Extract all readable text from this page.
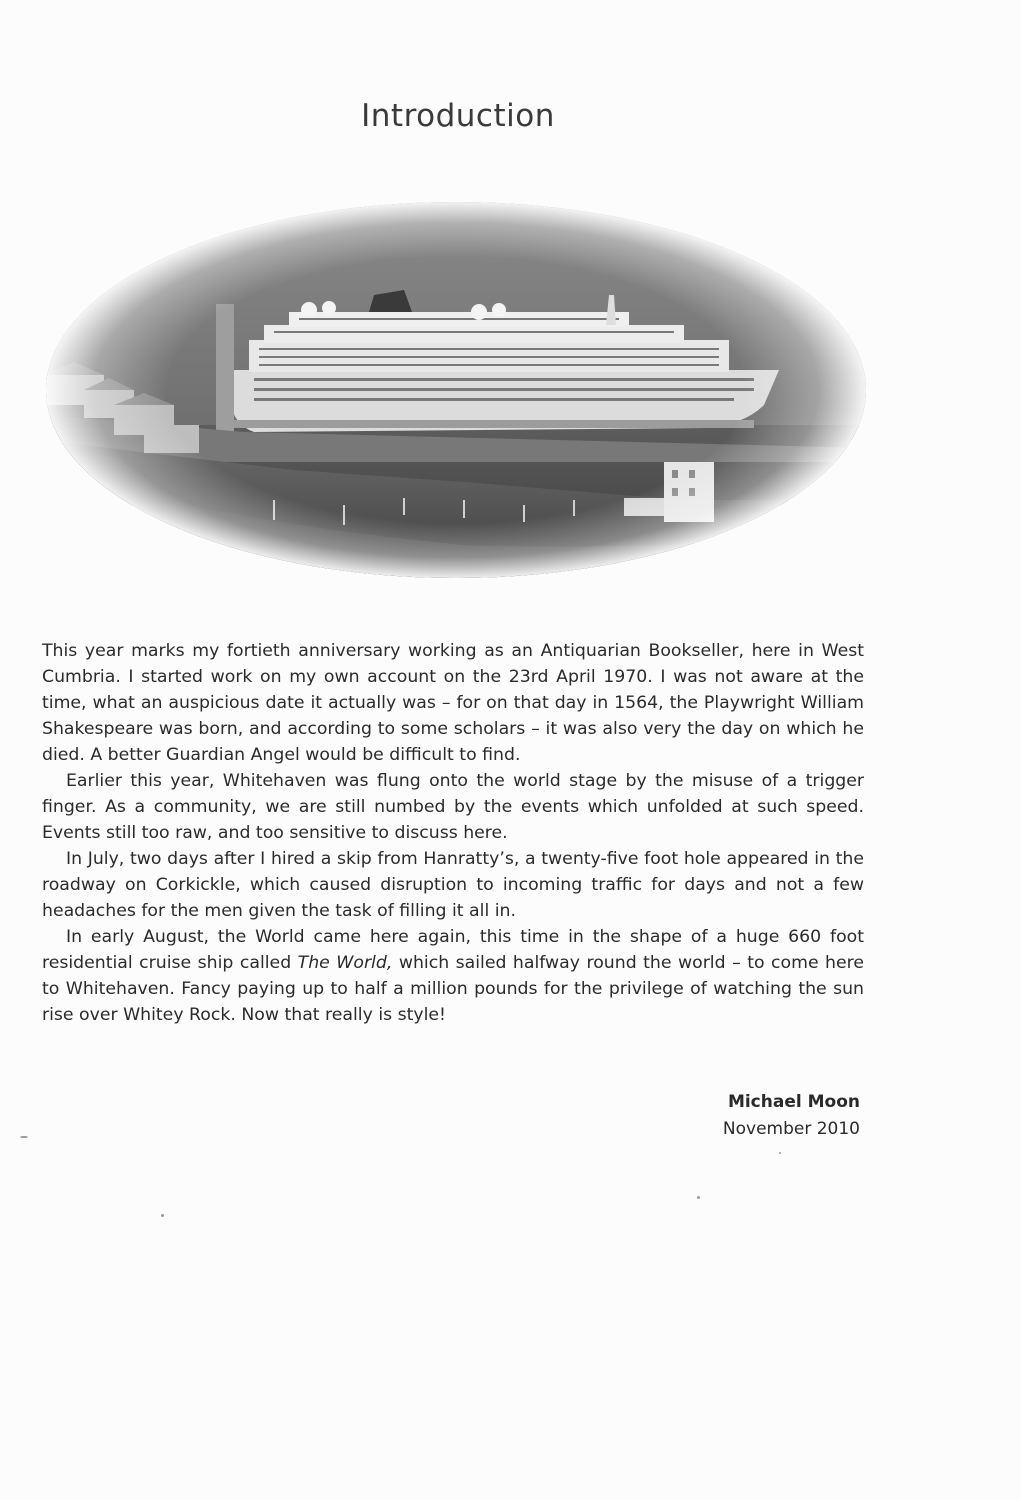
Introduction

This year marks my fortieth anniversary working as an Antiquarian Bookseller, here in West Cumbria. I started work on my own account on the 23rd April 1970. I was not aware at the time, what an auspicious date it actually was – for on that day in 1564, the Playwright William Shakespeare was born, and according to some scholars – it was also very the day on which he died. A better Guardian Angel would be difficult to find.

Earlier this year, Whitehaven was flung onto the world stage by the misuse of a trigger finger. As a community, we are still numbed by the events which unfolded at such speed. Events still too raw, and too sensitive to discuss here.

In July, two days after I hired a skip from Hanratty’s, a twenty-five foot hole appeared in the roadway on Corkickle, which caused disruption to incoming traffic for days and not a few headaches for the men given the task of filling it all in.

In early August, the World came here again, this time in the shape of a huge 660 foot residential cruise ship called The World, which sailed halfway round the world – to come here to Whitehaven. Fancy paying up to half a million pounds for the privilege of watching the sun rise over Whitey Rock. Now that really is style!

Michael Moon
November 2010
